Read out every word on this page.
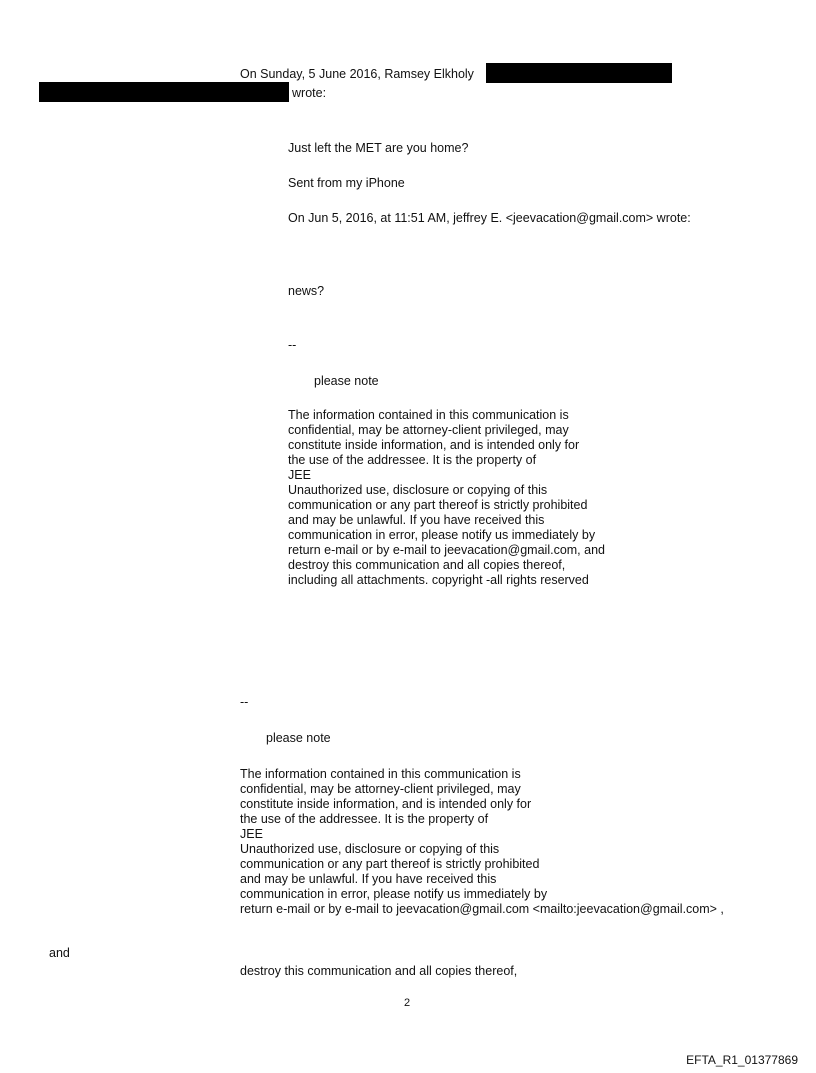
On Sunday, 5 June 2016, Ramsey Elkholy
wrote:
Just left the MET are you home?
Sent from my iPhone
On Jun 5, 2016, at 11:51 AM, jeffrey E. <jeevacation@gmail.com> wrote:
news?
--
please note
The information contained in this communication is
confidential, may be attorney-client privileged, may
constitute inside information, and is intended only for
the use of the addressee. It is the property of
JEE
Unauthorized use, disclosure or copying of this
communication or any part thereof is strictly prohibited
and may be unlawful. If you have received this
communication in error, please notify us immediately by
return e-mail or by e-mail to jeevacation@gmail.com, and
destroy this communication and all copies thereof,
including all attachments. copyright -all rights reserved
--
please note
The information contained in this communication is
confidential, may be attorney-client privileged, may
constitute inside information, and is intended only for
the use of the addressee. It is the property of
JEE
Unauthorized use, disclosure or copying of this
communication or any part thereof is strictly prohibited
and may be unlawful. If you have received this
communication in error, please notify us immediately by
return e-mail or by e-mail to jeevacation@gmail.com <mailto:jeevacation@gmail.com> ,
and
destroy this communication and all copies thereof,
2
EFTA_R1_01377869
